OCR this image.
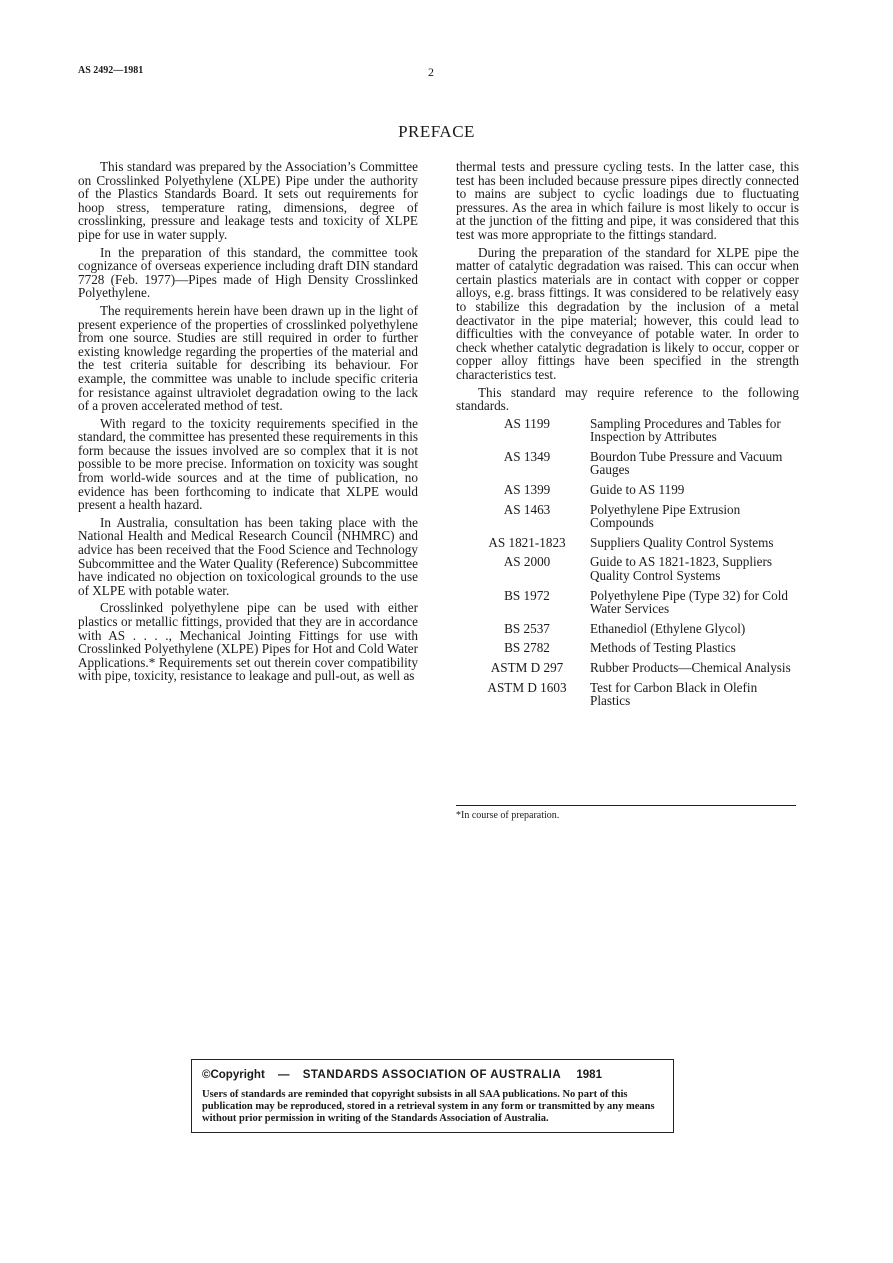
AS 2492—1981	2
PREFACE

This standard was prepared by the Association’s Committee on Crosslinked Polyethylene (XLPE) Pipe under the authority of the Plastics Standards Board. It sets out requirements for hoop stress, temperature rating, dimensions, degree of crosslinking, pressure and leakage tests and toxicity of XLPE pipe for use in water supply.

In the preparation of this standard, the committee took cognizance of overseas experience including draft DIN standard 7728 (Feb. 1977)—Pipes made of High Density Crosslinked Polyethylene.

The requirements herein have been drawn up in the light of present experience of the properties of crosslinked polyethylene from one source. Studies are still required in order to further existing knowledge regarding the properties of the material and the test criteria suitable for describing its behaviour. For example, the committee was unable to include specific criteria for resistance against ultraviolet degradation owing to the lack of a proven accelerated method of test.

With regard to the toxicity requirements specified in the standard, the committee has presented these requirements in this form because the issues involved are so complex that it is not possible to be more precise. Information on toxicity was sought from world-wide sources and at the time of publication, no evidence has been forthcoming to indicate that XLPE would present a health hazard.

In Australia, consultation has been taking place with the National Health and Medical Research Council (NHMRC) and advice has been received that the Food Science and Technology Subcommittee and the Water Quality (Reference) Subcommittee have indicated no objection on toxicological grounds to the use of XLPE with potable water.

Crosslinked polyethylene pipe can be used with either plastics or metallic fittings, provided that they are in accordance with AS . . . ., Mechanical Jointing Fittings for use with Crosslinked Polyethylene (XLPE) Pipes for Hot and Cold Water Applications.* Requirements set out therein cover compatibility with pipe, toxicity, resistance to leakage and pull-out, as well as

thermal tests and pressure cycling tests. In the latter case, this test has been included because pressure pipes directly connected to mains are subject to cyclic loadings due to fluctuating pressures. As the area in which failure is most likely to occur is at the junction of the fitting and pipe, it was considered that this test was more appropriate to the fittings standard.

During the preparation of the standard for XLPE pipe the matter of catalytic degradation was raised. This can occur when certain plastics materials are in contact with copper or copper alloys, e.g. brass fittings. It was considered to be relatively easy to stabilize this degradation by the inclusion of a metal deactivator in the pipe material; however, this could lead to difficulties with the conveyance of potable water. In order to check whether catalytic degradation is likely to occur, copper or copper alloy fittings have been specified in the strength characteristics test.

This standard may require reference to the following standards.

AS 1199	Sampling Procedures and Tables for Inspection by Attributes
AS 1349	Bourdon Tube Pressure and Vacuum Gauges
AS 1399	Guide to AS 1199
AS 1463	Polyethylene Pipe Extrusion Compounds
AS 1821-1823	Suppliers Quality Control Systems
AS 2000	Guide to AS 1821-1823, Suppliers Quality Control Systems
BS 1972	Polyethylene Pipe (Type 32) for Cold Water Services
BS 2537	Ethanediol (Ethylene Glycol)
BS 2782	Methods of Testing Plastics
ASTM D 297	Rubber Products—Chemical Analysis
ASTM D 1603	Test for Carbon Black in Olefin Plastics
*In course of preparation.
©Copyright — STANDARDS ASSOCIATION OF AUSTRALIA 1981
Users of standards are reminded that copyright subsists in all SAA publications. No part of this publication may be reproduced, stored in a retrieval system in any form or transmitted by any means without prior permission in writing of the Standards Association of Australia.
